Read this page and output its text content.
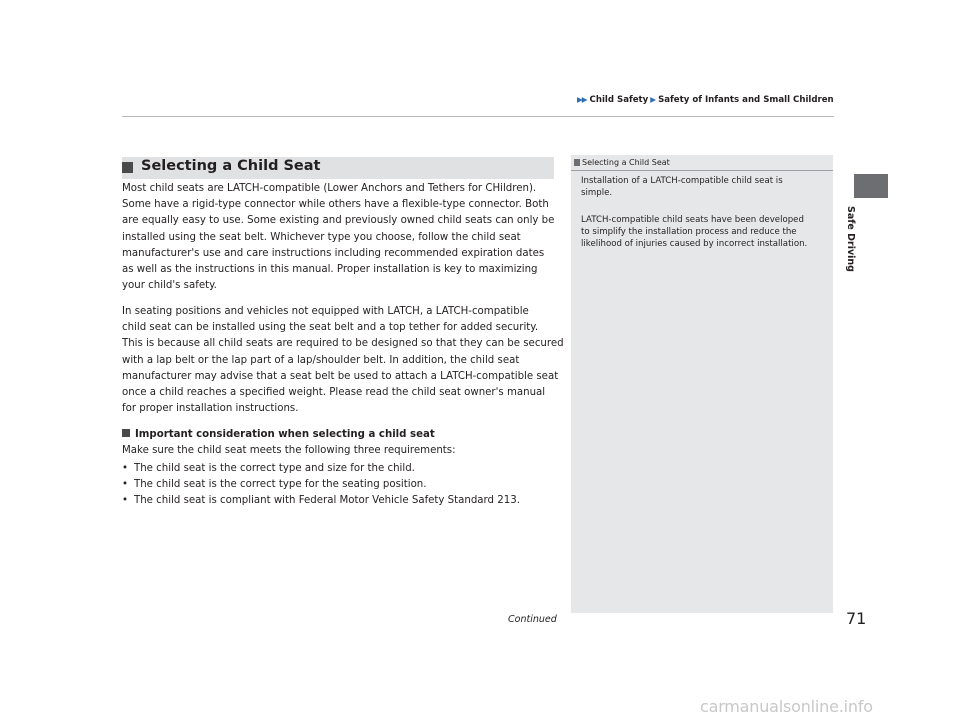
▶▶ Child Safety ▶ Safety of Infants and Small Children
Safe Driving
Selecting a Child Seat
Most child seats are LATCH-compatible (Lower Anchors and Tethers for CHildren).
Some have a rigid-type connector while others have a flexible-type connector. Both
are equally easy to use. Some existing and previously owned child seats can only be
installed using the seat belt. Whichever type you choose, follow the child seat
manufacturer's use and care instructions including recommended expiration dates
as well as the instructions in this manual. Proper installation is key to maximizing
your child's safety.
In seating positions and vehicles not equipped with LATCH, a LATCH-compatible
child seat can be installed using the seat belt and a top tether for added security.
This is because all child seats are required to be designed so that they can be secured
with a lap belt or the lap part of a lap/shoulder belt. In addition, the child seat
manufacturer may advise that a seat belt be used to attach a LATCH-compatible seat
once a child reaches a specified weight. Please read the child seat owner's manual
for proper installation instructions.
Important consideration when selecting a child seat
Make sure the child seat meets the following three requirements:
• The child seat is the correct type and size for the child.
• The child seat is the correct type for the seating position.
• The child seat is compliant with Federal Motor Vehicle Safety Standard 213.
Selecting a Child Seat
Installation of a LATCH-compatible child seat is
simple.
LATCH-compatible child seats have been developed
to simplify the installation process and reduce the
likelihood of injuries caused by incorrect installation.
Continued	71
carmanualsonline.info
